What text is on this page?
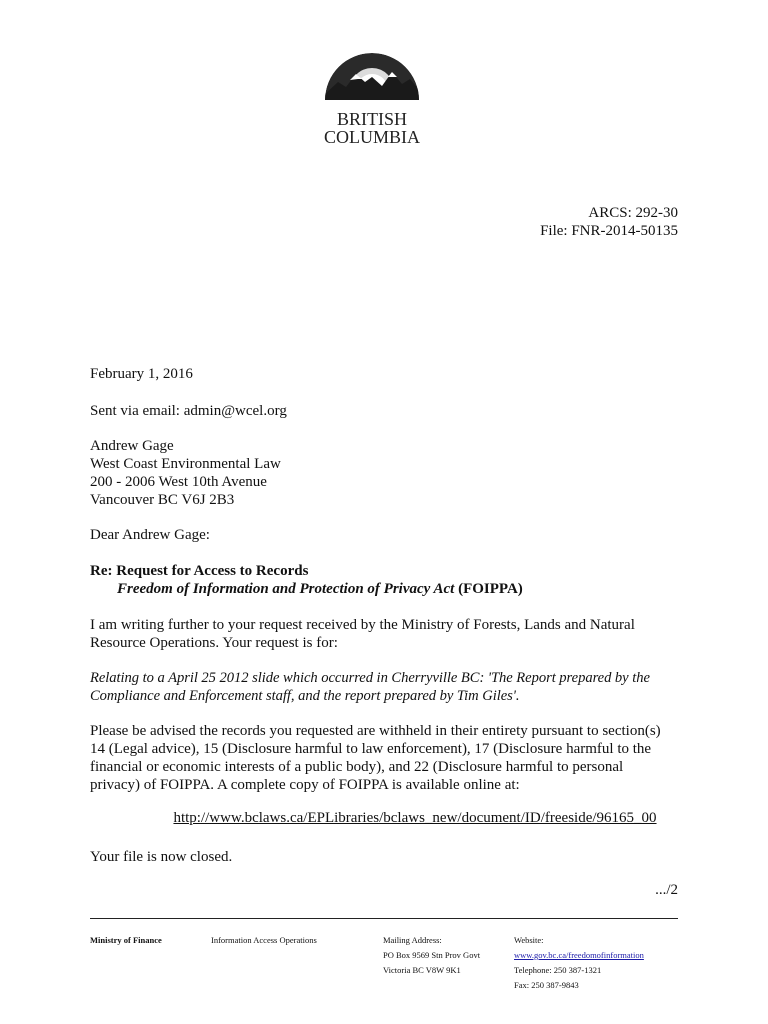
BRITISH
COLUMBIA
ARCS: 292-30
File: FNR-2014-50135
February 1, 2016
Sent via email: admin@wcel.org
Andrew Gage
West Coast Environmental Law
200 - 2006 West 10th Avenue
Vancouver BC V6J 2B3
Dear Andrew Gage:
Re: Request for Access to Records
Freedom of Information and Protection of Privacy Act (FOIPPA)
I am writing further to your request received by the Ministry of Forests, Lands and Natural
Resource Operations. Your request is for:
Relating to a April 25 2012 slide which occurred in Cherryville BC: 'The Report prepared by the
Compliance and Enforcement staff, and the report prepared by Tim Giles'.
Please be advised the records you requested are withheld in their entirety pursuant to section(s)
14 (Legal advice), 15 (Disclosure harmful to law enforcement), 17 (Disclosure harmful to the
financial or economic interests of a public body), and 22 (Disclosure harmful to personal
privacy) of FOIPPA. A complete copy of FOIPPA is available online at:
http://www.bclaws.ca/EPLibraries/bclaws_new/document/ID/freeside/96165_00
Your file is now closed.
.../2
Ministry of Finance	Information Access Operations	Mailing Address:
PO Box 9569 Stn Prov Govt
Victoria BC V8W 9K1
Website:
www.gov.bc.ca/freedomofinformation
Telephone: 250 387-1321
Fax: 250 387-9843
